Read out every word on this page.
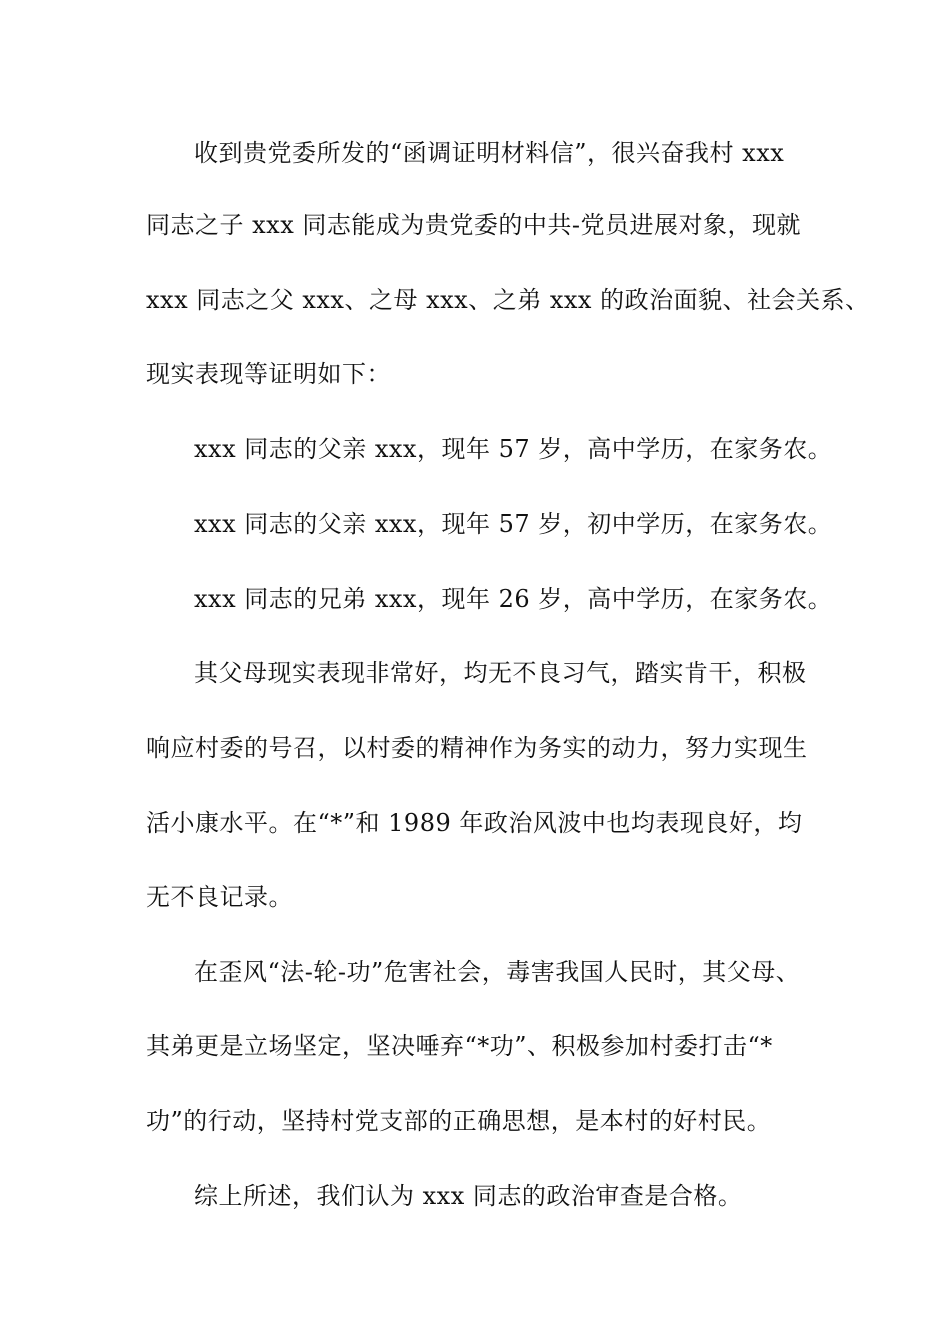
收到贵党委所发的“函调证明材料信”，很兴奋我村 xxx
同志之子 xxx 同志能成为贵党委的中共-党员进展对象，现就
xxx 同志之父 xxx、之母 xxx、之弟 xxx 的政治面貌、社会关系、
现实表现等证明如下：
xxx 同志的父亲 xxx，现年 57 岁，高中学历，在家务农。
xxx 同志的父亲 xxx，现年 57 岁，初中学历，在家务农。
xxx 同志的兄弟 xxx，现年 26 岁，高中学历，在家务农。
其父母现实表现非常好，均无不良习气，踏实肯干，积极
响应村委的号召，以村委的精神作为务实的动力，努力实现生
活小康水平。在“*”和 1989 年政治风波中也均表现良好，均
无不良记录。
在歪风“法-轮-功”危害社会，毒害我国人民时，其父母、
其弟更是立场坚定，坚决唾弃“*功”、积极参加村委打击“*
功”的行动，坚持村党支部的正确思想，是本村的好村民。
综上所述，我们认为 xxx 同志的政治审查是合格。
